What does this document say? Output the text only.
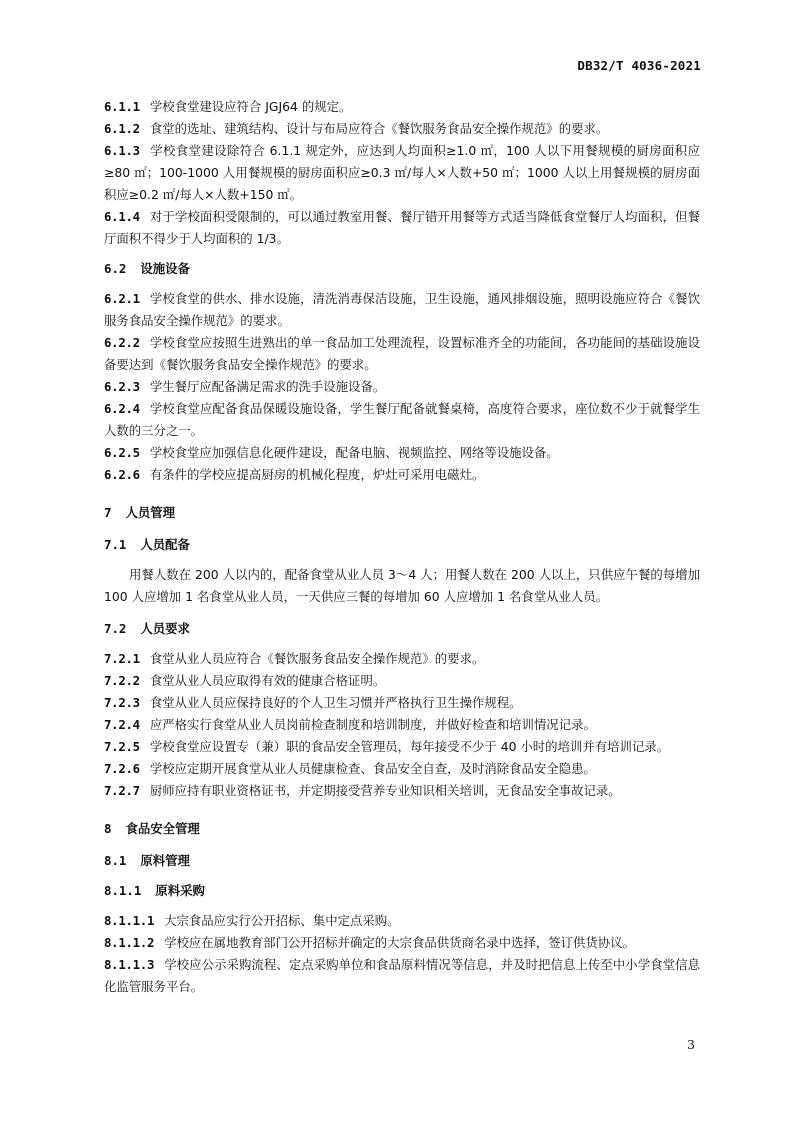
DB32/T 4036-2021
6.1.1 学校食堂建设应符合 JGJ64 的规定。
6.1.2 食堂的选址、建筑结构、设计与布局应符合《餐饮服务食品安全操作规范》的要求。
6.1.3 学校食堂建设除符合 6.1.1 规定外，应达到人均面积≥1.0 ㎡，100 人以下用餐规模的厨房面积应≥80 ㎡；100-1000 人用餐规模的厨房面积应≥0.3 ㎡/每人×人数+50 ㎡；1000 人以上用餐规模的厨房面积应≥0.2 ㎡/每人×人数+150 ㎡。
6.1.4 对于学校面积受限制的，可以通过教室用餐、餐厅错开用餐等方式适当降低食堂餐厅人均面积，但餐厅面积不得少于人均面积的 1/3。
6.2 设施设备
6.2.1 学校食堂的供水、排水设施，清洗消毒保洁设施，卫生设施，通风排烟设施，照明设施应符合《餐饮服务食品安全操作规范》的要求。
6.2.2 学校食堂应按照生进熟出的单一食品加工处理流程，设置标准齐全的功能间，各功能间的基础设施设备要达到《餐饮服务食品安全操作规范》的要求。
6.2.3 学生餐厅应配备满足需求的洗手设施设备。
6.2.4 学校食堂应配备食品保暖设施设备，学生餐厅配备就餐桌椅，高度符合要求，座位数不少于就餐学生人数的三分之一。
6.2.5 学校食堂应加强信息化硬件建设，配备电脑、视频监控、网络等设施设备。
6.2.6 有条件的学校应提高厨房的机械化程度，炉灶可采用电磁灶。
7 人员管理
7.1 人员配备
用餐人数在 200 人以内的，配备食堂从业人员 3～4 人；用餐人数在 200 人以上，只供应午餐的每增加 100 人应增加 1 名食堂从业人员，一天供应三餐的每增加 60 人应增加 1 名食堂从业人员。
7.2 人员要求
7.2.1 食堂从业人员应符合《餐饮服务食品安全操作规范》的要求。
7.2.2 食堂从业人员应取得有效的健康合格证明。
7.2.3 食堂从业人员应保持良好的个人卫生习惯并严格执行卫生操作规程。
7.2.4 应严格实行食堂从业人员岗前检查制度和培训制度，并做好检查和培训情况记录。
7.2.5 学校食堂应设置专（兼）职的食品安全管理员，每年接受不少于 40 小时的培训并有培训记录。
7.2.6 学校应定期开展食堂从业人员健康检查、食品安全自查，及时消除食品安全隐患。
7.2.7 厨师应持有职业资格证书，并定期接受营养专业知识相关培训，无食品安全事故记录。
8 食品安全管理
8.1 原料管理
8.1.1 原料采购
8.1.1.1 大宗食品应实行公开招标、集中定点采购。
8.1.1.2 学校应在属地教育部门公开招标并确定的大宗食品供货商名录中选择，签订供货协议。
8.1.1.3 学校应公示采购流程、定点采购单位和食品原料情况等信息，并及时把信息上传至中小学食堂信息化监管服务平台。
3
